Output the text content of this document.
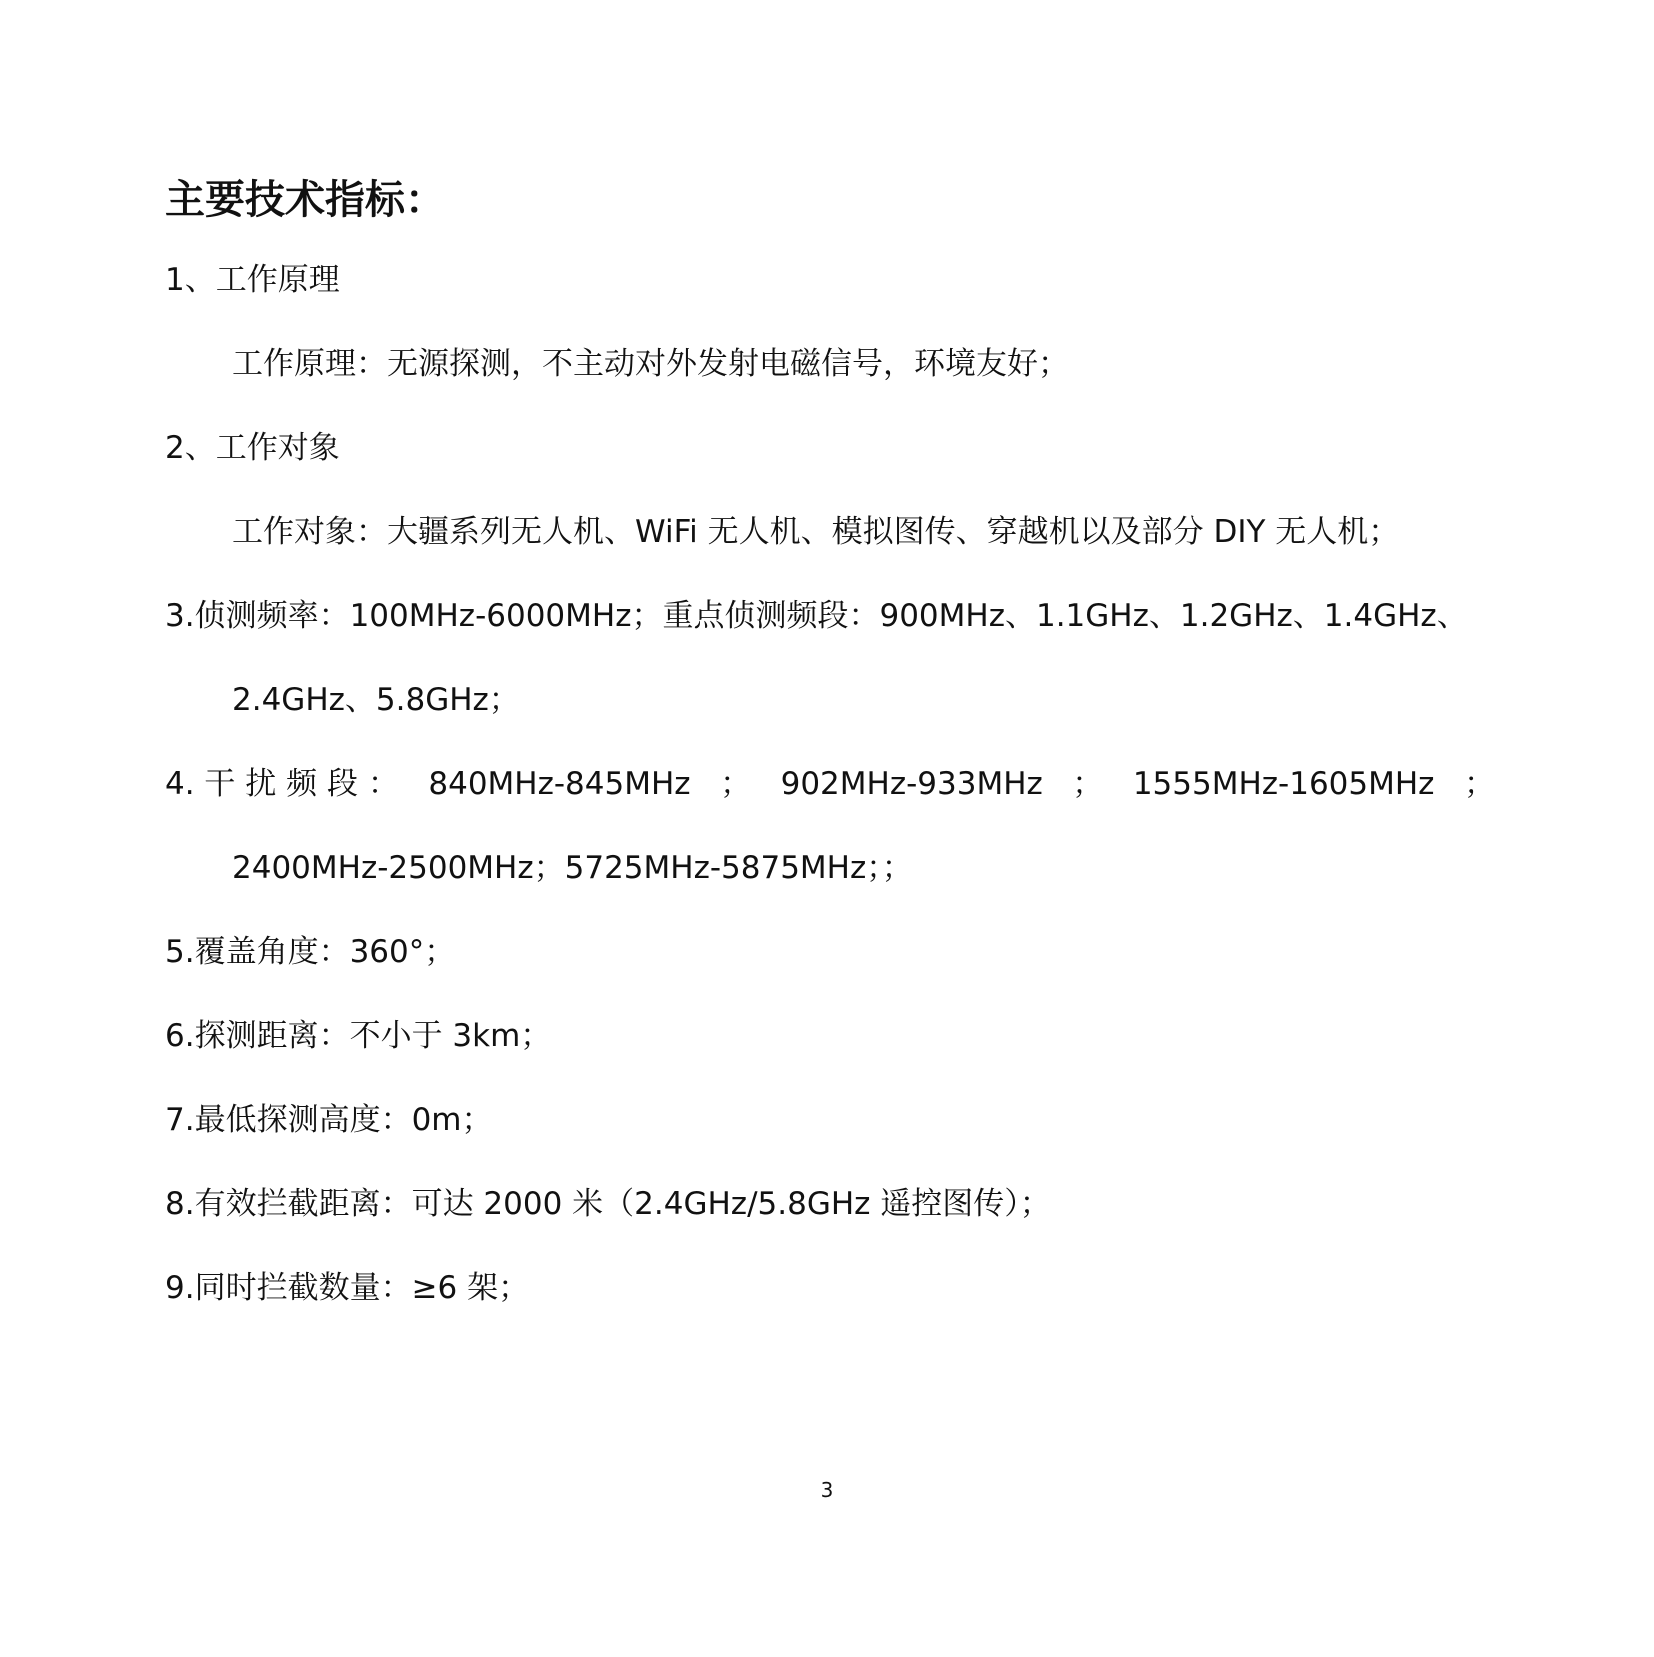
主要技术指标：
1、工作原理
工作原理：无源探测，不主动对外发射电磁信号，环境友好；
2、工作对象
工作对象：大疆系列无人机、WiFi 无人机、模拟图传、穿越机以及部分 DIY 无人机；
3.侦测频率：100MHz-6000MHz；重点侦测频段：900MHz、1.1GHz、1.2GHz、1.4GHz、
2.4GHz、5.8GHz；
4. 干 扰 频 段 ： 840MHz-845MHz ； 902MHz-933MHz ； 1555MHz-1605MHz ；
2400MHz-2500MHz；5725MHz-5875MHz；；
5.覆盖角度：360°；
6.探测距离：不小于 3km；
7.最低探测高度：0m；
8.有效拦截距离：可达 2000 米（2.4GHz/5.8GHz 遥控图传）；
9.同时拦截数量：≥6 架；
3
